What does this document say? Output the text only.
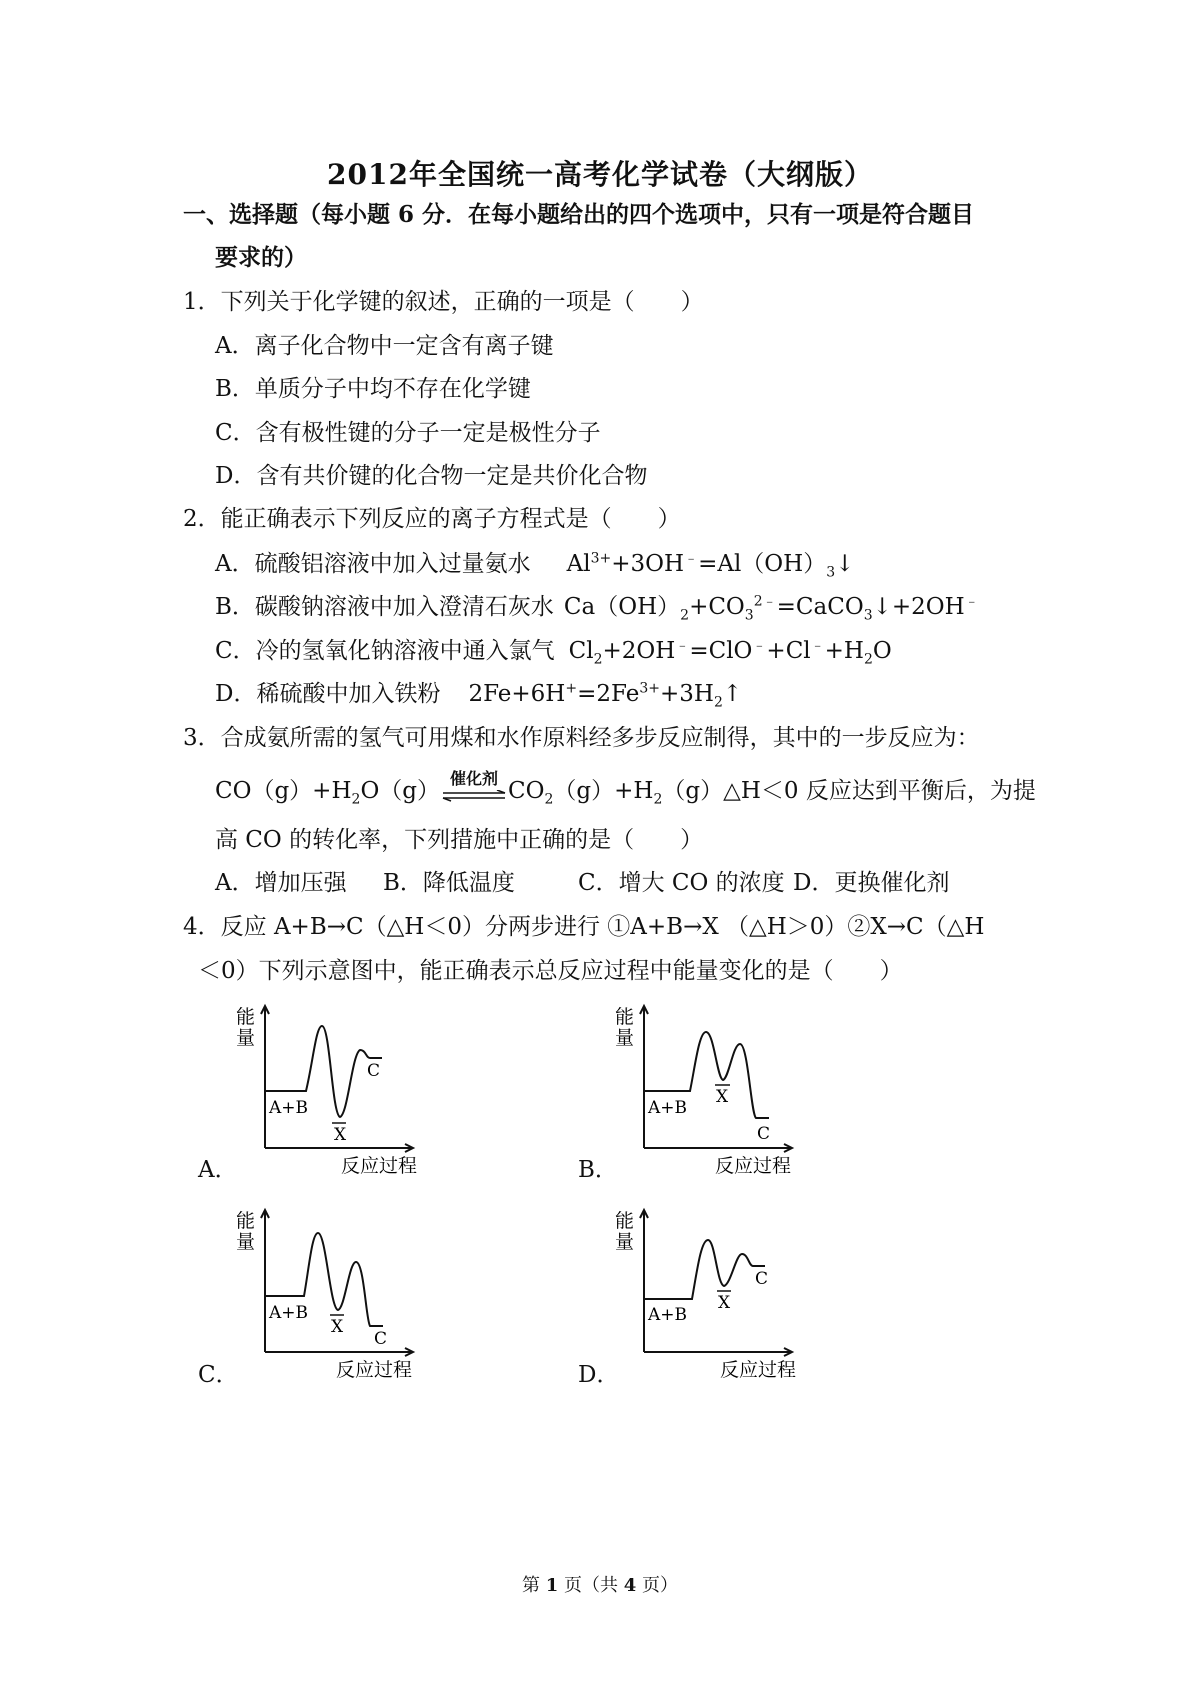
2012年全国统一高考化学试卷（大纲版）
一、选择题（每小题 6 分．在每小题给出的四个选项中，只有一项是符合题目
要求的）
1．下列关于化学键的叙述，正确的一项是（　　）
A．离子化合物中一定含有离子键
B．单质分子中均不存在化学键
C．含有极性键的分子一定是极性分子
D．含有共价键的化合物一定是共价化合物
2．能正确表示下列反应的离子方程式是（　　）
A．硫酸铝溶液中加入过量氨水 $Al^{3+}+3OH^﹣=Al(OH)_3↓$
B．碳酸钠溶液中加入澄清石灰水 $Ca(OH)_2+CO_3^{2﹣}=CaCO_3↓+2OH^﹣$
C．冷的氢氧化钠溶液中通入氯气 $Cl_2+2OH^﹣=ClO^﹣+Cl^﹣+H_2O$
D．稀硫酸中加入铁粉 $2Fe+6H^+=2Fe^{3+}+3H_2↑$
3．合成氨所需的氢气可用煤和水作原料经多步反应制得，其中的一步反应为：
$CO(g)+H_2O(g)$ 催化剂 $CO_2(g)+H_2(g)\triangle H<0$ 反应达到平衡后，为提
高 CO 的转化率，下列措施中正确的是（　　）
A．增加压强 B．降低温度	C．增大 CO 的浓度 D．更换催化剂
4．反应 A+B→C（△H＜0）分两步进行 ①A+B→X （△H＞0）②X→C（△H
＜0）下列示意图中，能正确表示总反应过程中能量变化的是（　　）
A．
能
量
A+B
X
C
反应过程	B．
能
量
A+B
X
C
反应过程
C．
能
量
A+B
X
C
反应过程	D．
能
量
A+B
X
C
反应过程
第 1 页（共 4 页）
